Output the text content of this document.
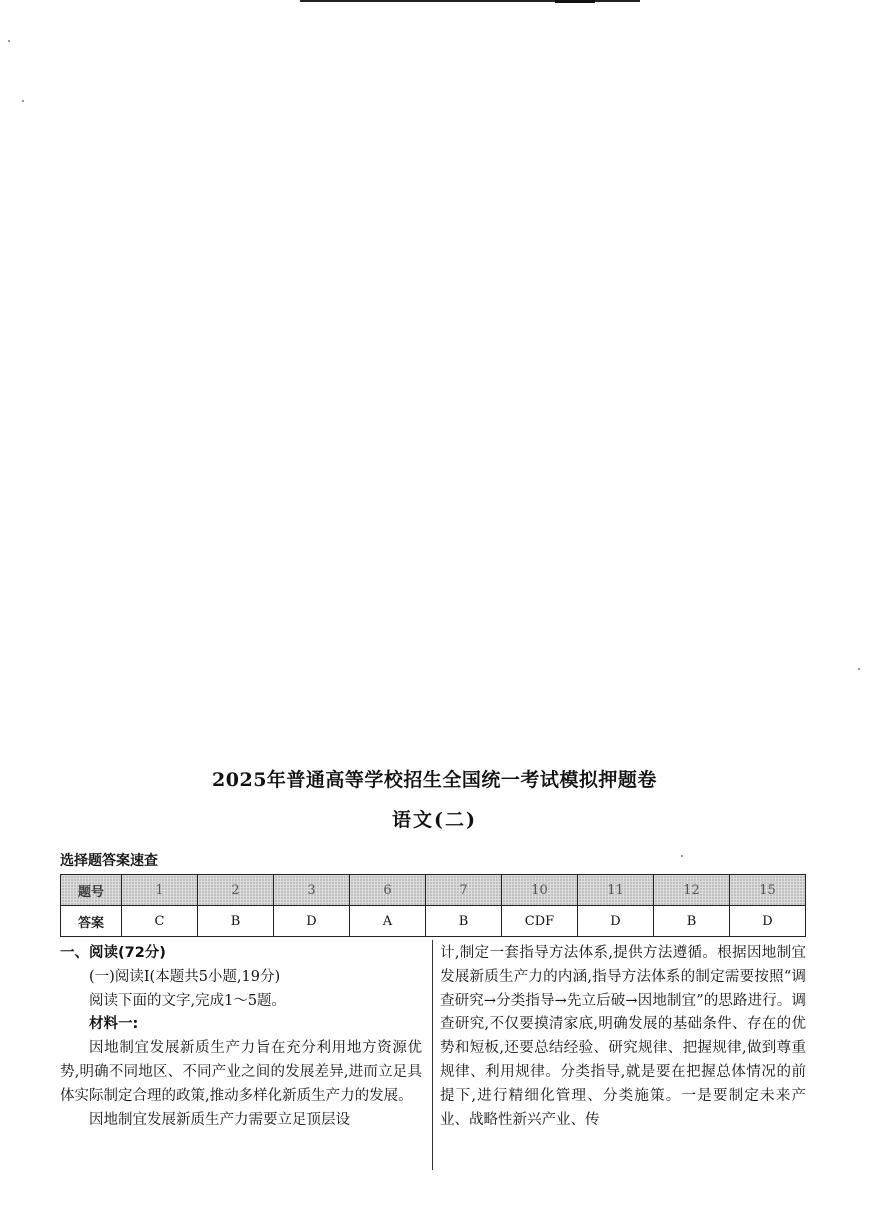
2025年普通高等学校招生全国统一考试模拟押题卷
语文(二)
选择题答案速查
题号	1	2	3	6	7	10	11	12	15
答案	C	B	D	A	B	CDF	D	B	D

一、阅读(72分)

(一)阅读Ⅰ(本题共5小题,19分)

阅读下面的文字,完成1～5题。

材料一:

因地制宜发展新质生产力旨在充分利用地方资源优势,明确不同地区、不同产业之间的发展差异,进而立足具体实际制定合理的政策,推动多样化新质生产力的发展。

因地制宜发展新质生产力需要立足顶层设

计,制定一套指导方法体系,提供方法遵循。根据因地制宜发展新质生产力的内涵,指导方法体系的制定需要按照“调查研究→分类指导→先立后破→因地制宜”的思路进行。调查研究,不仅要摸清家底,明确发展的基础条件、存在的优势和短板,还要总结经验、研究规律、把握规律,做到尊重规律、利用规律。分类指导,就是要在把握总体情况的前提下,进行精细化管理、分类施策。一是要制定未来产业、战略性新兴产业、传
